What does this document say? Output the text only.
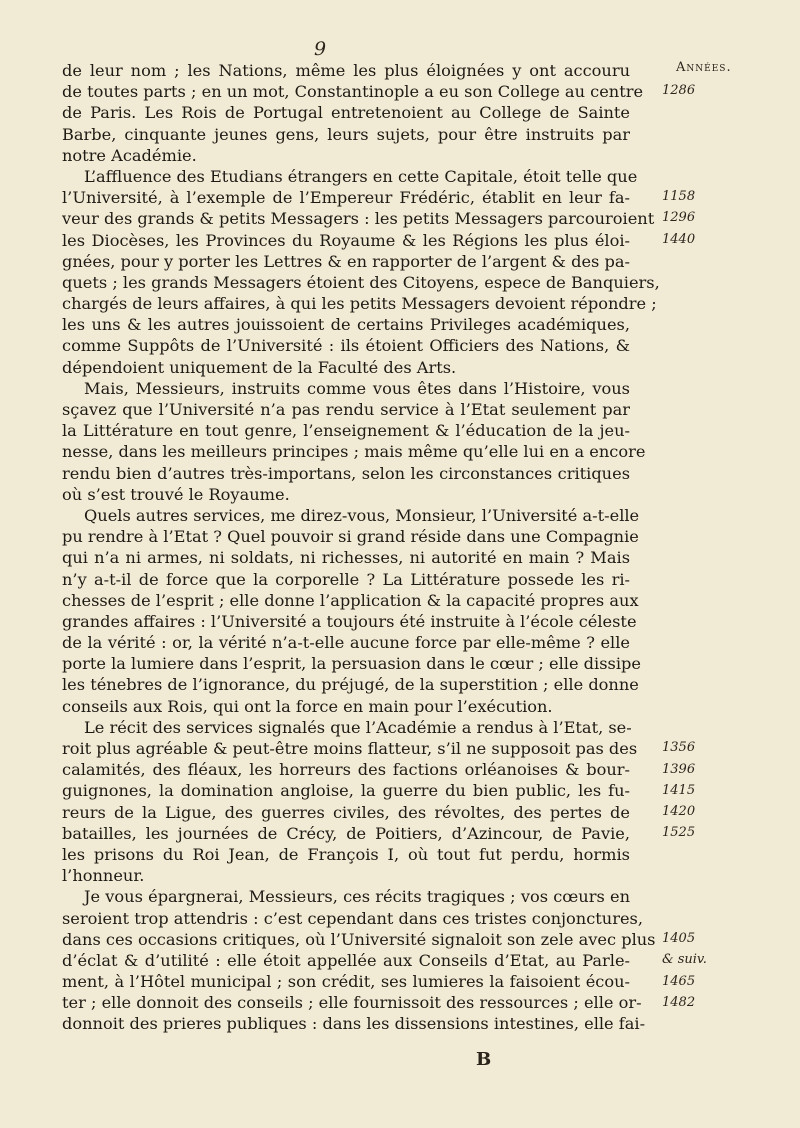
9
Années.
1286
1158
1296
1440
1356
1396
1415
1420
1525
1405
& suiv.
1465
1482
de leur nom ; les Nations, même les plus éloignées y ont accouru
de toutes parts ; en un mot, Constantinople a eu son College au centre
de Paris. Les Rois de Portugal entretenoient au College de Sainte
Barbe, cinquante jeunes gens, leurs sujets, pour être instruits par
notre Académie.
L’affluence des Etudians étrangers en cette Capitale, étoit telle que
l’Université, à l’exemple de l’Empereur Frédéric, établit en leur fa-
veur des grands & petits Messagers : les petits Messagers parcouroient
les Diocèses, les Provinces du Royaume & les Régions les plus éloi-
gnées, pour y porter les Lettres & en rapporter de l’argent & des pa-
quets ; les grands Messagers étoient des Citoyens, espece de Banquiers,
chargés de leurs affaires, à qui les petits Messagers devoient répondre ;
les uns & les autres jouissoient de certains Privileges académiques,
comme Suppôts de l’Université : ils étoient Officiers des Nations, &
dépendoient uniquement de la Faculté des Arts.
Mais, Messieurs, instruits comme vous êtes dans l’Histoire, vous
sçavez que l’Université n’a pas rendu service à l’Etat seulement par
la Littérature en tout genre, l’enseignement & l’éducation de la jeu-
nesse, dans les meilleurs principes ; mais même qu’elle lui en a encore
rendu bien d’autres très-importans, selon les circonstances critiques
où s’est trouvé le Royaume.
Quels autres services, me direz-vous, Monsieur, l’Université a-t-elle
pu rendre à l’Etat ? Quel pouvoir si grand réside dans une Compagnie
qui n’a ni armes, ni soldats, ni richesses, ni autorité en main ? Mais
n’y a-t-il de force que la corporelle ? La Littérature possede les ri-
chesses de l’esprit ; elle donne l’application & la capacité propres aux
grandes affaires : l’Université a toujours été instruite à l’école céleste
de la vérité : or, la vérité n’a-t-elle aucune force par elle-même ? elle
porte la lumiere dans l’esprit, la persuasion dans le cœur ; elle dissipe
les ténebres de l’ignorance, du préjugé, de la superstition ; elle donne
conseils aux Rois, qui ont la force en main pour l’exécution.
Le récit des services signalés que l’Académie a rendus à l’Etat, se-
roit plus agréable & peut-être moins flatteur, s’il ne supposoit pas des
calamités, des fléaux, les horreurs des factions orléanoises & bour-
guignones, la domination angloise, la guerre du bien public, les fu-
reurs de la Ligue, des guerres civiles, des révoltes, des pertes de
batailles, les journées de Crécy, de Poitiers, d’Azincour, de Pavie,
les prisons du Roi Jean, de François I, où tout fut perdu, hormis
l’honneur.
Je vous épargnerai, Messieurs, ces récits tragiques ; vos cœurs en
seroient trop attendris : c’est cependant dans ces tristes conjonctures,
dans ces occasions critiques, où l’Université signaloit son zele avec plus
d’éclat & d’utilité : elle étoit appellée aux Conseils d’Etat, au Parle-
ment, à l’Hôtel municipal ; son crédit, ses lumieres la faisoient écou-
ter ; elle donnoit des conseils ; elle fournissoit des ressources ; elle or-
donnoit des prieres publiques : dans les dissensions intestines, elle fai-
B
